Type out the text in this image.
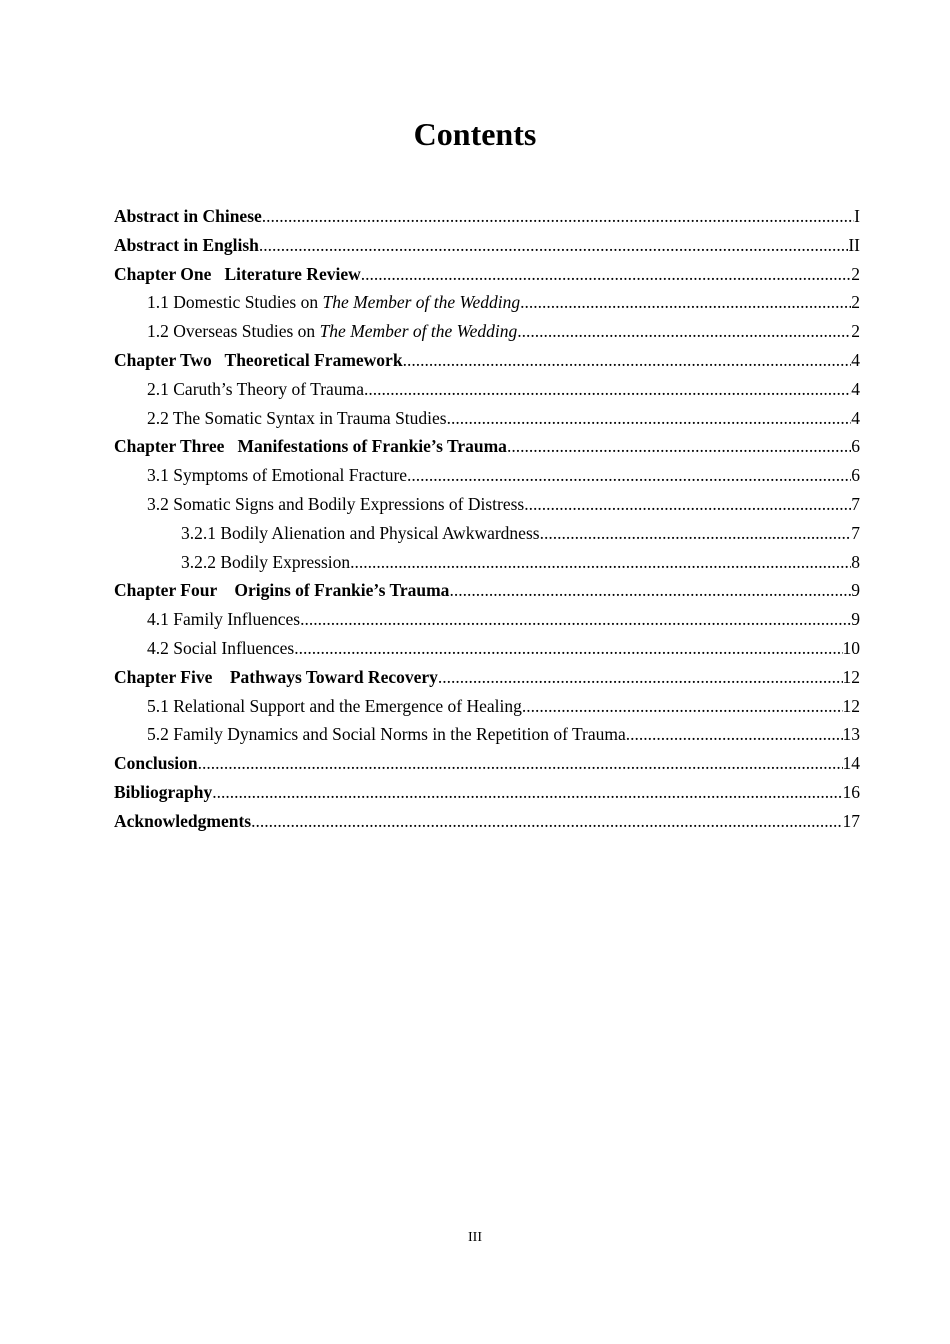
Contents
Abstract in Chinese .....	I
Abstract in English .....	II
Chapter One   Literature Review .....	2
1.1 Domestic Studies on The Member of the Wedding .....	2
1.2 Overseas Studies on The Member of the Wedding .....	2
Chapter Two   Theoretical Framework .....	4
2.1 Caruth’s Theory of Trauma .....	4
2.2 The Somatic Syntax in Trauma Studies .....	4
Chapter Three   Manifestations of Frankie’s Trauma .....	6
3.1 Symptoms of Emotional Fracture .....	6
3.2 Somatic Signs and Bodily Expressions of Distress .....	7
3.2.1 Bodily Alienation and Physical Awkwardness .....	7
3.2.2 Bodily Expression .....	8
Chapter Four    Origins of Frankie’s Trauma .....	9
4.1 Family Influences .....	9
4.2 Social Influences .....	10
Chapter Five    Pathways Toward Recovery .....	12
5.1 Relational Support and the Emergence of Healing .....	12
5.2 Family Dynamics and Social Norms in the Repetition of Trauma .....	13
Conclusion .....	14
Bibliography .....	16
Acknowledgments .....	17
III
